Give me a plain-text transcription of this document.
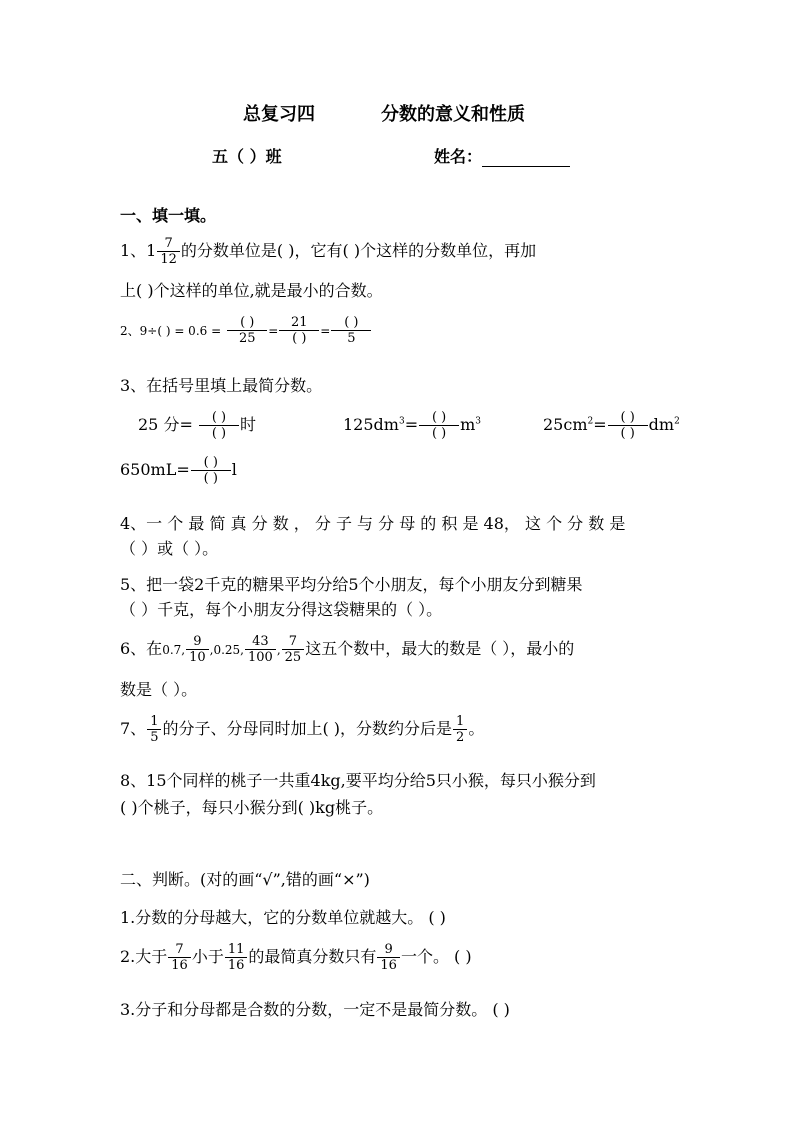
总复习四	分数的意义和性质
五（ ）班	姓名：
一、填一填。
1、$1 \frac{7}{12}$ 的分数单位是( )，它有( )个这样的分数单位，再加
上( )个这样的单位,就是最小的合数。
2、9÷( ) = $0.6 = \frac{( )}{25} = \frac{21}{( )} = \frac{( )}{5}$
3、在括号里填上最简分数。
25 分= $\frac{( )}{( )}$ 时	$125dm^3= \frac{( )}{( )} m^3$	$25cm^2= \frac{( )}{( )} dm^2$
$650mL= \frac{( )}{( )}$ l
4、一 个 最 简 真 分 数 ， 分 子 与 分 母 的 积 是 48， 这 个 分 数 是
（ ）或（ ）。
5、把一袋2千克的糖果平均分给5个小朋友，每个小朋友分到糖果
（ ）千克，每个小朋友分得这袋糖果的（ ）。
6、在0.7, $\frac{9}{10} ,0.25$, $\frac{43}{100}$ , $\frac{7}{25}$ 这五个数中，最大的数是（ ），最小的
数是（ ）。
7、 $\frac{1}{5}$ 的分子、分母同时加上( )，分数约分后是 $\frac{1}{2}$ 。
8、15个同样的桃子一共重4kg,要平均分给5只小猴，每只小猴分到
( )个桃子，每只小猴分到( )kg桃子。
二、判断。(对的画“√”,错的画“×”)
1.分数的分母越大，它的分数单位就越大。 ( )
2.大于 $\frac{7}{16}$ 小于 $\frac{11}{16}$ 的最简真分数只有 $\frac{9}{16}$ 一个。 ( )
3.分子和分母都是合数的分数，一定不是最简分数。 ( )
